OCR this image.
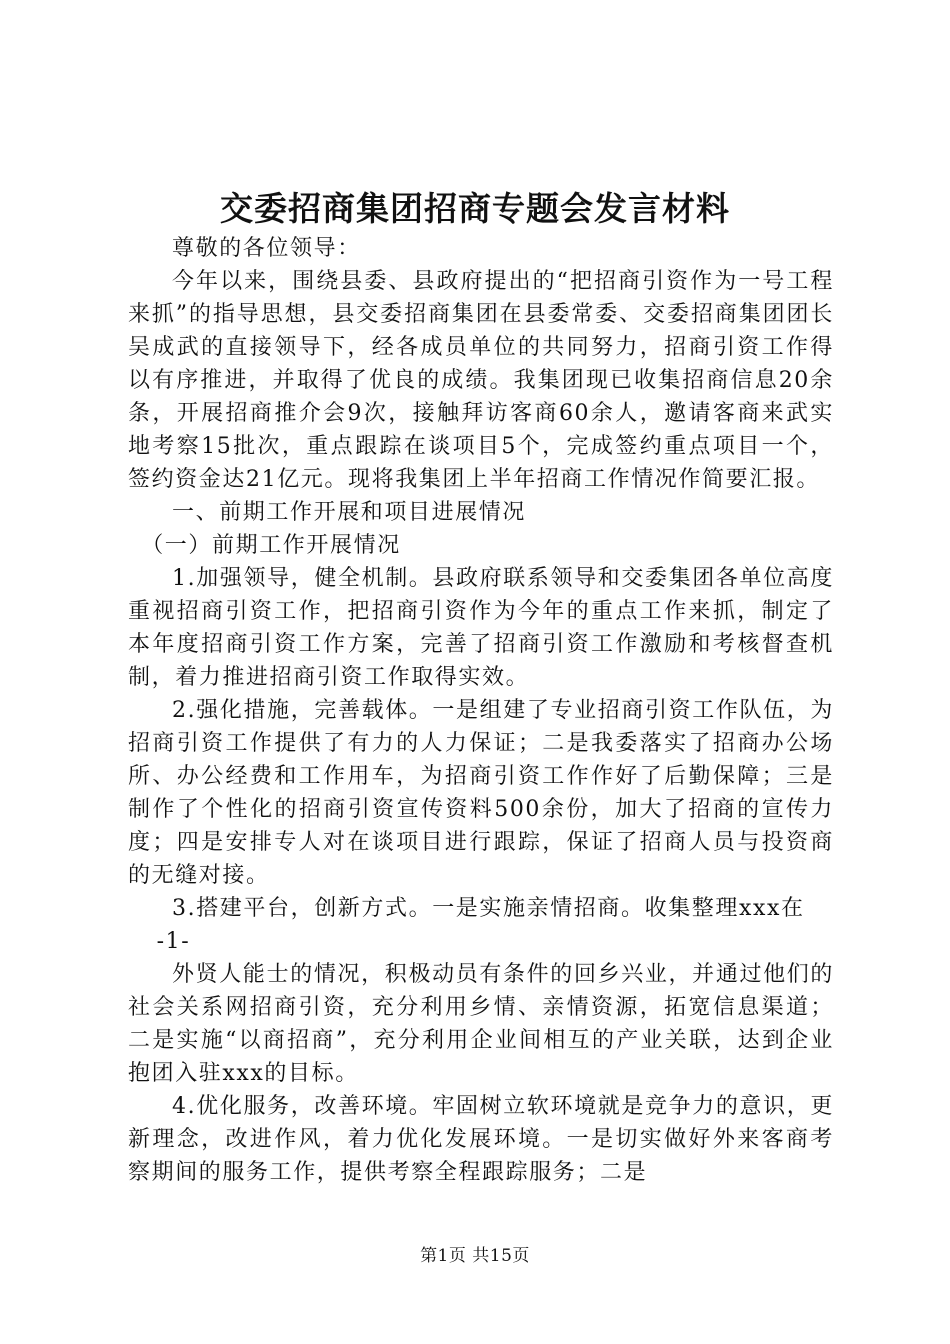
交委招商集团招商专题会发言材料

尊敬的各位领导：

今年以来，围绕县委、县政府提出的“把招商引资作为一号工程来抓”的指导思想，县交委招商集团在县委常委、交委招商集团团长吴成武的直接领导下，经各成员单位的共同努力，招商引资工作得以有序推进，并取得了优良的成绩。我集团现已收集招商信息20余条，开展招商推介会9次，接触拜访客商60余人，邀请客商来武实地考察15批次，重点跟踪在谈项目5个，完成签约重点项目一个，签约资金达21亿元。现将我集团上半年招商工作情况作简要汇报。

一、前期工作开展和项目进展情况

（一）前期工作开展情况

1.加强领导，健全机制。县政府联系领导和交委集团各单位高度重视招商引资工作，把招商引资作为今年的重点工作来抓，制定了本年度招商引资工作方案，完善了招商引资工作激励和考核督查机制，着力推进招商引资工作取得实效。

2.强化措施，完善载体。一是组建了专业招商引资工作队伍，为招商引资工作提供了有力的人力保证；二是我委落实了招商办公场所、办公经费和工作用车，为招商引资工作作好了后勤保障；三是制作了个性化的招商引资宣传资料500余份，加大了招商的宣传力度；四是安排专人对在谈项目进行跟踪，保证了招商人员与投资商的无缝对接。

3.搭建平台，创新方式。一是实施亲情招商。收集整理xxx在

-1-

外贤人能士的情况，积极动员有条件的回乡兴业，并通过他们的社会关系网招商引资，充分利用乡情、亲情资源，拓宽信息渠道；二是实施“以商招商”，充分利用企业间相互的产业关联，达到企业抱团入驻xxx的目标。

4.优化服务，改善环境。牢固树立软环境就是竞争力的意识，更新理念，改进作风，着力优化发展环境。一是切实做好外来客商考察期间的服务工作，提供考察全程跟踪服务；二是

第1页 共15页
